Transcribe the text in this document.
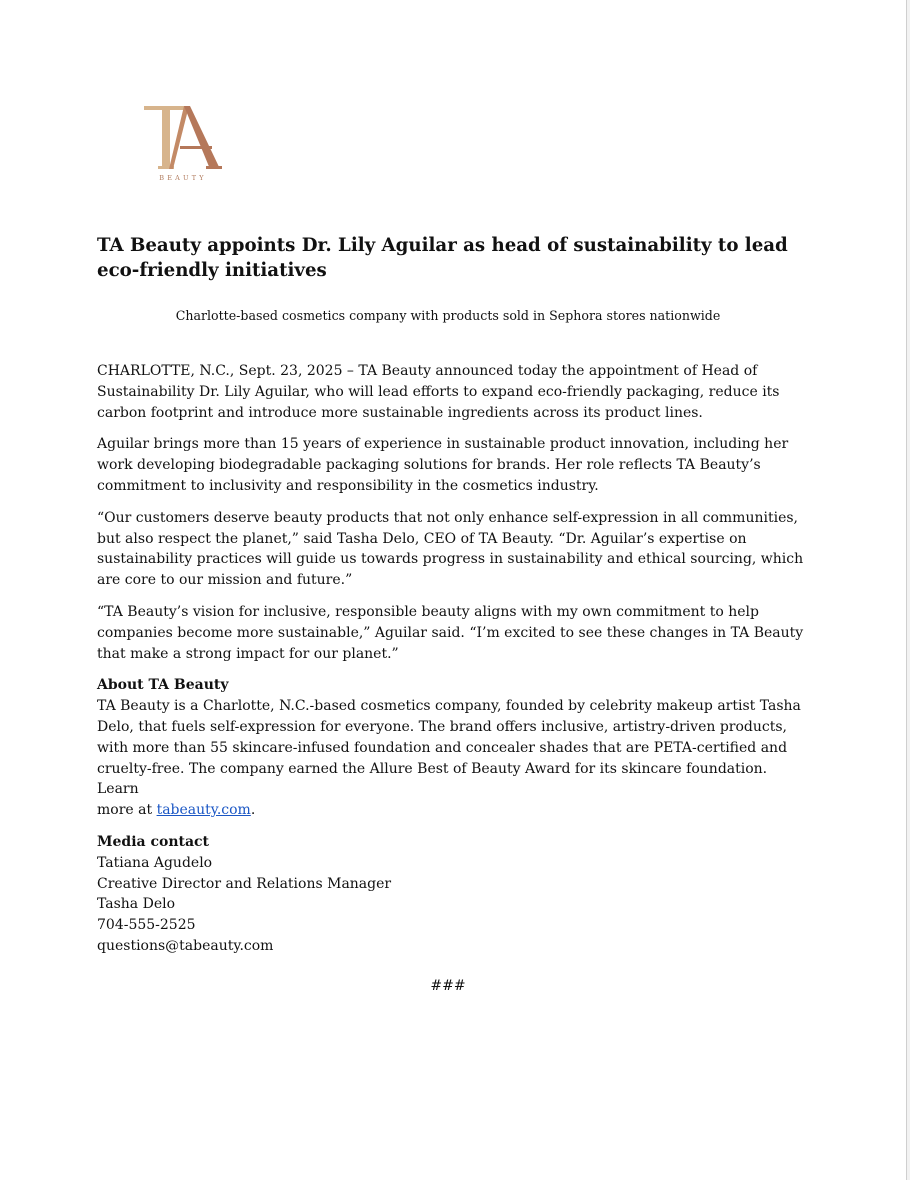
BEAUTY
TA Beauty appoints Dr. Lily Aguilar as head of sustainability to lead
eco-friendly initiatives

Charlotte-based cosmetics company with products sold in Sephora stores nationwide

CHARLOTTE, N.C., Sept. 23, 2025 – TA Beauty announced today the appointment of Head of
Sustainability Dr. Lily Aguilar, who will lead efforts to expand eco-friendly packaging, reduce its
carbon footprint and introduce more sustainable ingredients across its product lines.

Aguilar brings more than 15 years of experience in sustainable product innovation, including her
work developing biodegradable packaging solutions for brands. Her role reflects TA Beauty’s
commitment to inclusivity and responsibility in the cosmetics industry.

“Our customers deserve beauty products that not only enhance self-expression in all communities,
but also respect the planet,” said Tasha Delo, CEO of TA Beauty. “Dr. Aguilar’s expertise on
sustainability practices will guide us towards progress in sustainability and ethical sourcing, which
are core to our mission and future.”

“TA Beauty’s vision for inclusive, responsible beauty aligns with my own commitment to help
companies become more sustainable,” Aguilar said. “I’m excited to see these changes in TA Beauty
that make a strong impact for our planet.”

About TA Beauty
TA Beauty is a Charlotte, N.C.-based cosmetics company, founded by celebrity makeup artist Tasha
Delo, that fuels self-expression for everyone. The brand offers inclusive, artistry-driven products,
with more than 55 skincare-infused foundation and concealer shades that are PETA-certified and
cruelty-free. The company earned the Allure Best of Beauty Award for its skincare foundation. Learn
more at tabeauty.com.
Media contact
Tatiana Agudelo
Creative Director and Relations Manager
Tasha Delo
704-555-2525
questions@tabeauty.com
###
